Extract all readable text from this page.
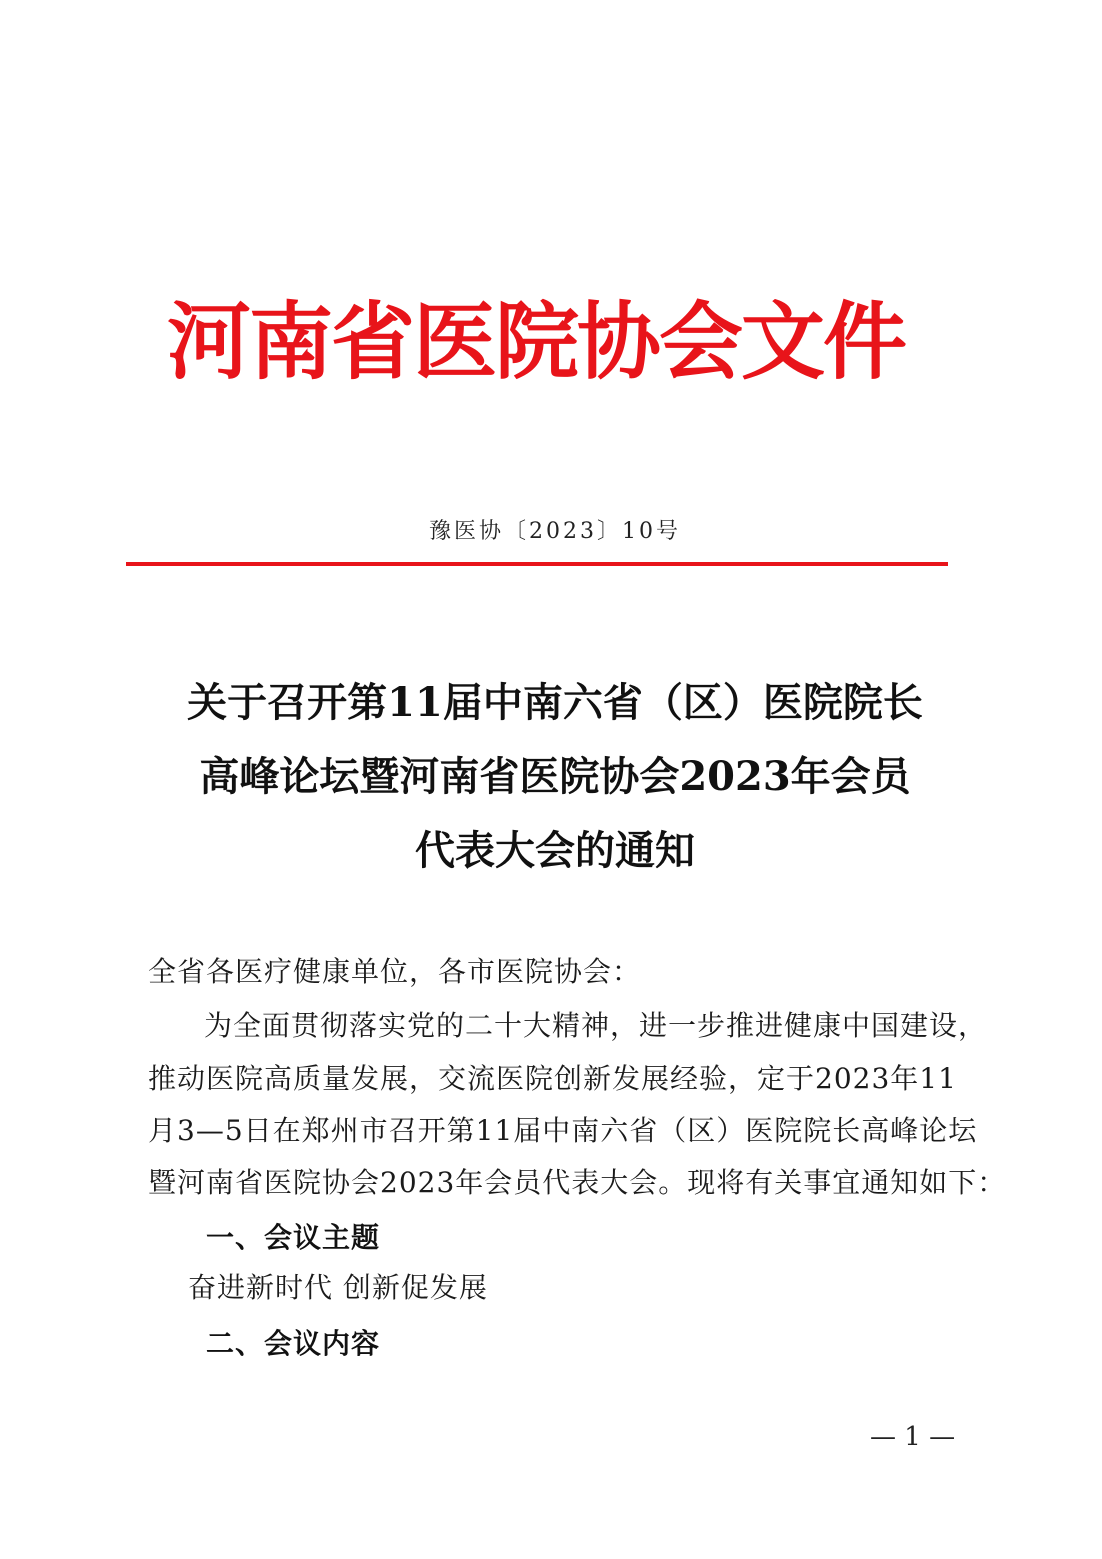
河南省医院协会文件
豫医协〔2023〕10号
关于召开第11届中南六省（区）医院院长
高峰论坛暨河南省医院协会2023年会员
代表大会的通知
全省各医疗健康单位，各市医院协会：
为全面贯彻落实党的二十大精神，进一步推进健康中国建设，
推动医院高质量发展，交流医院创新发展经验，定于2023年11
月3—5日在郑州市召开第11届中南六省（区）医院院长高峰论坛
暨河南省医院协会2023年会员代表大会。现将有关事宜通知如下：
一、会议主题
奋进新时代 创新促发展
二、会议内容
— 1 —
